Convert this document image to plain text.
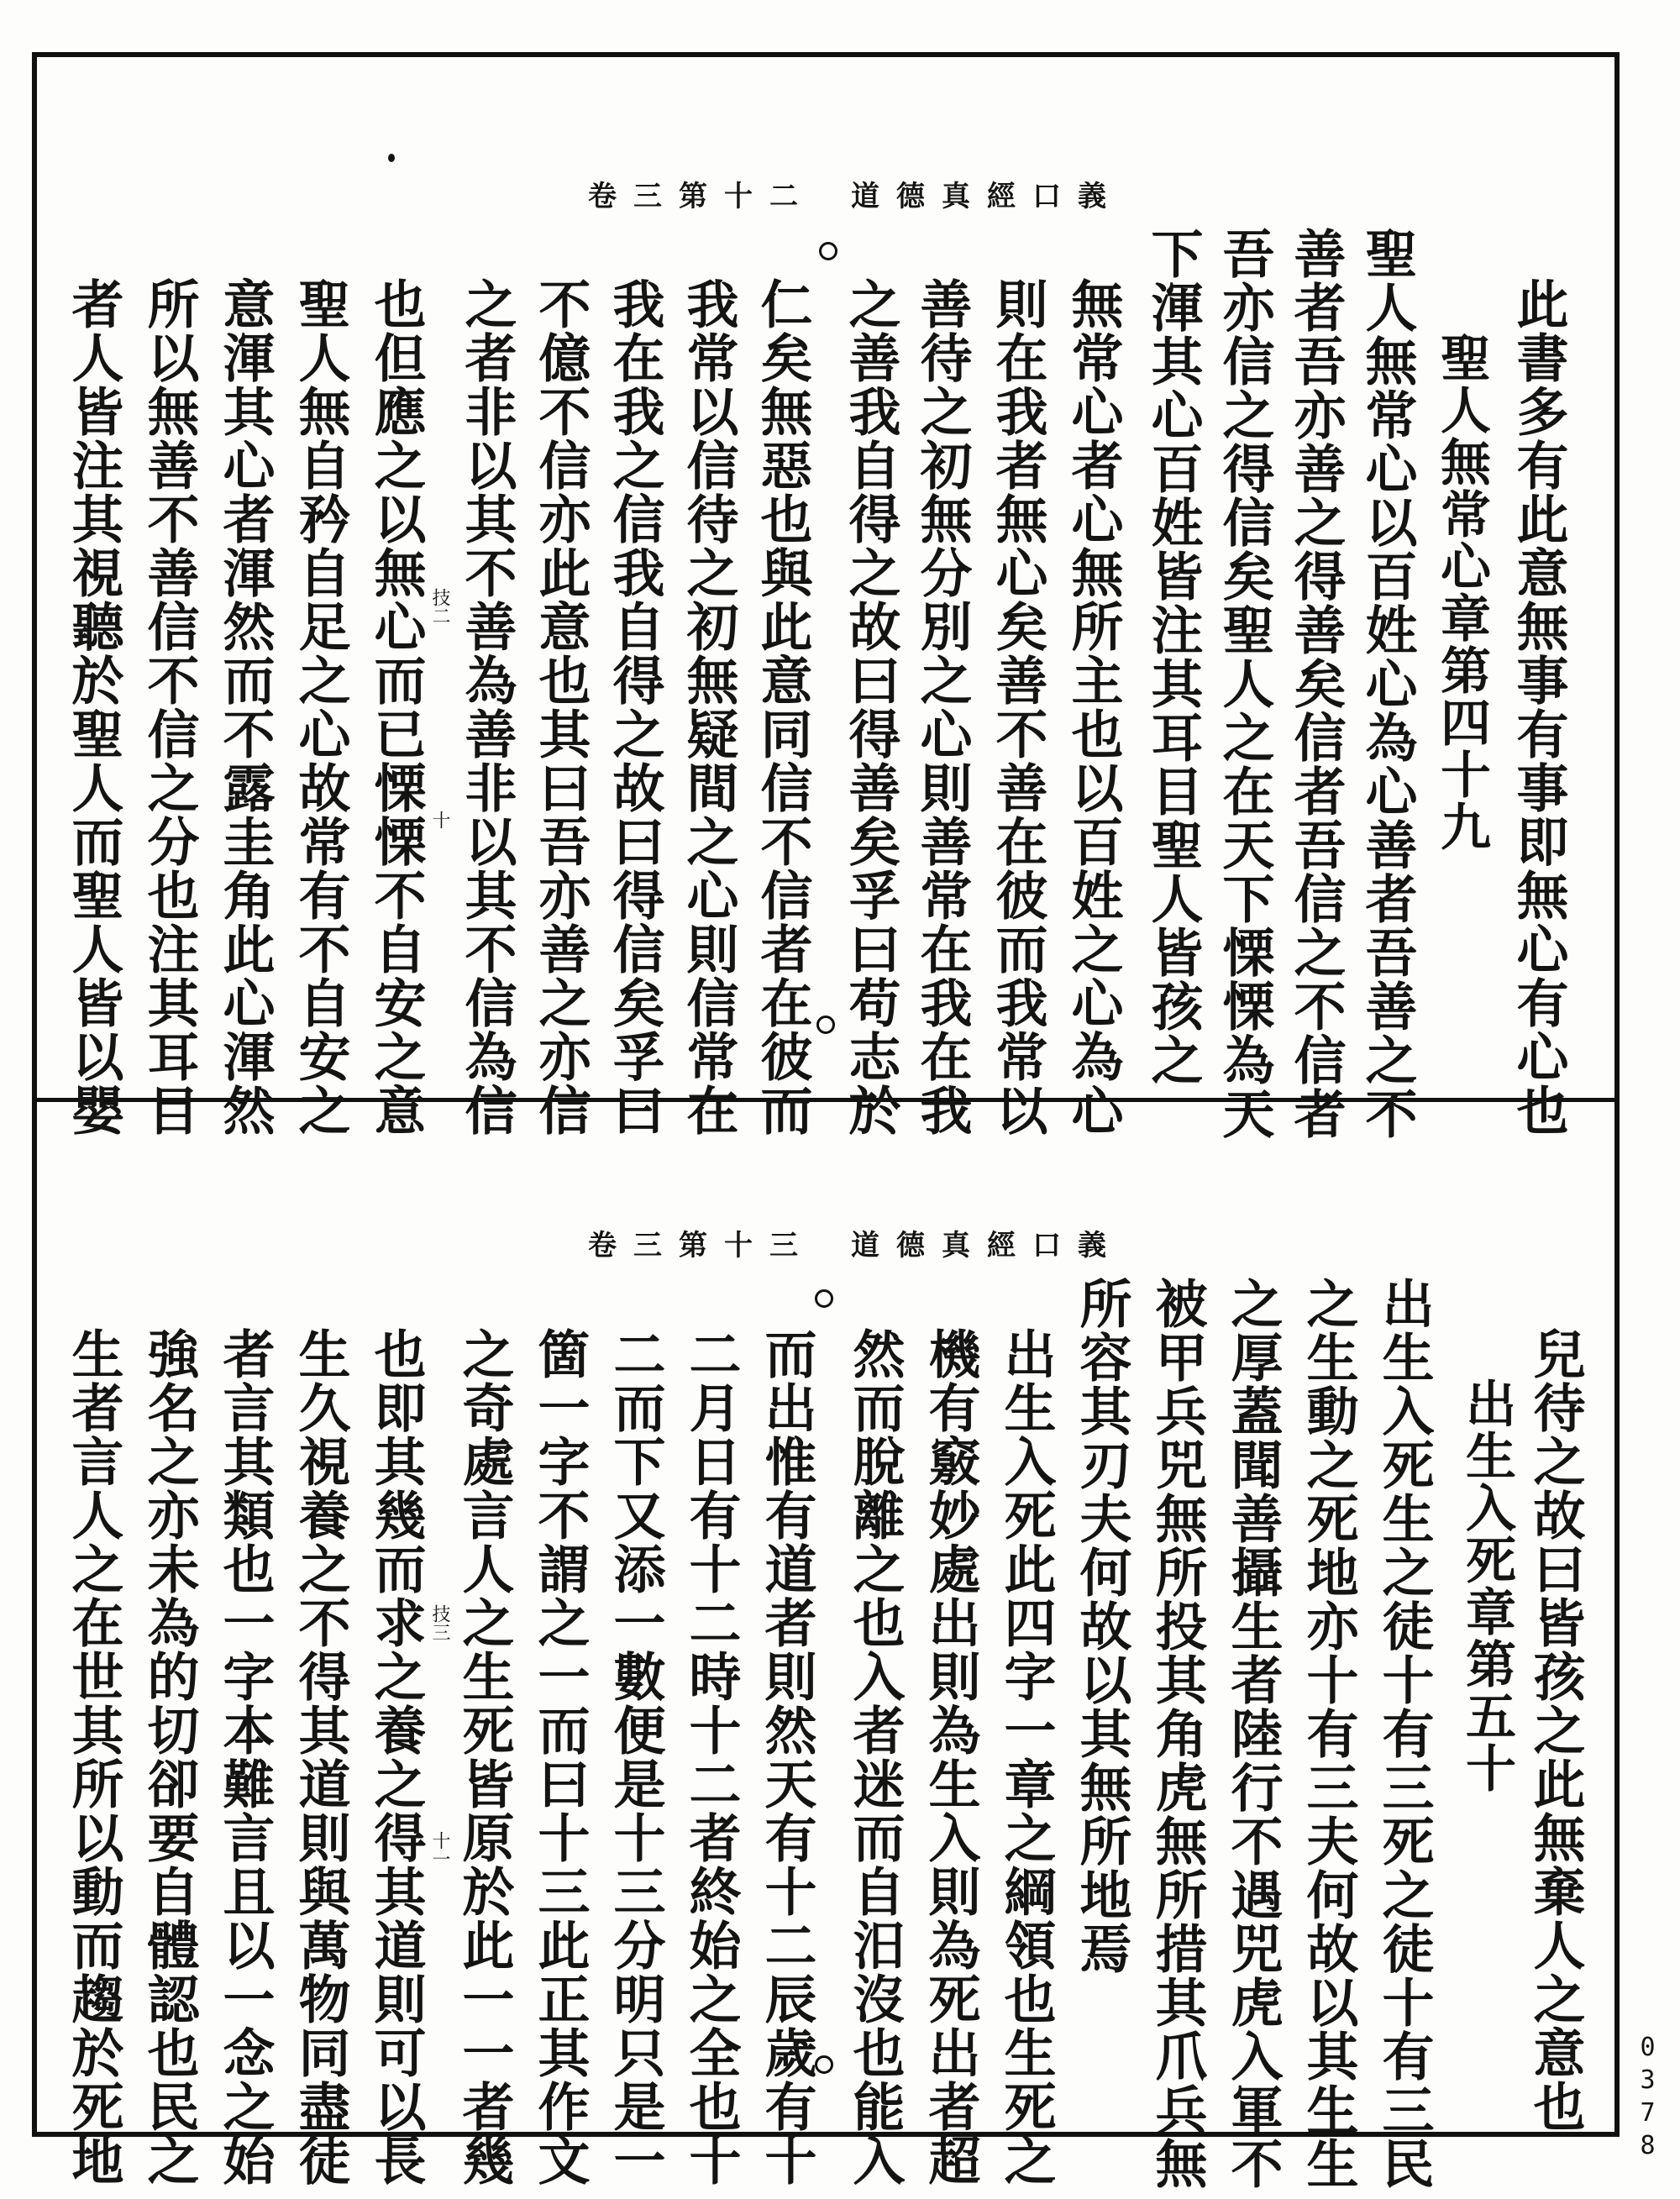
道德真經口義
卷三第十二
此書多有此意無事有事即無心有心也
聖人無常心章第四十九
聖人無常心以百姓心為心善者吾善之不
善者吾亦善之得善矣信者吾信之不信者
吾亦信之得信矣聖人之在天下慄慄為天
下渾其心百姓皆注其耳目聖人皆孩之
無常心者心無所主也以百姓之心為心
則在我者無心矣善不善在彼而我常以
善待之初無分別之心則善常在我在我
之善我自得之故曰得善矣孚曰苟志於
仁矣無惡也與此意同信不信者在彼而
我常以信待之初無疑間之心則信常在
我在我之信我自得之故曰得信矣孚曰
不億不信亦此意也其曰吾亦善之亦信
之者非以其不善為善非以其不信為信
也但應之以無心而已慄慄不自安之意
聖人無自矜自足之心故常有不自安之
意渾其心者渾然而不露圭角此心渾然
所以無善不善信不信之分也注其耳目
者人皆注其視聽於聖人而聖人皆以嬰	技二
十
道德真經口義
卷三第十三
兒待之故曰皆孩之此無棄人之意也
出生入死章第五十
出生入死生之徒十有三死之徒十有三民
之生動之死地亦十有三夫何故以其生生
之厚蓋聞善攝生者陸行不遇兕虎入軍不
被甲兵兕無所投其角虎無所措其爪兵無
所容其刃夫何故以其無所地焉
出生入死此四字一章之綱領也生死之
機有竅妙處出則為生入則為死出者超
然而脫離之也入者迷而自汨沒也能入
而出惟有道者則然天有十二辰歲有十
二月日有十二時十二者終始之全也十
二而下又添一數便是十三分明只是一
箇一字不謂之一而曰十三此正其作文
之奇處言人之生死皆原於此一一者幾
也即其幾而求之養之得其道則可以長
生久視養之不得其道則與萬物同盡徒
者言其類也一字本難言且以一念之始
強名之亦未為的切卻要自體認也民之
生者言人之在世其所以動而趨於死地	技三
十一
0378
